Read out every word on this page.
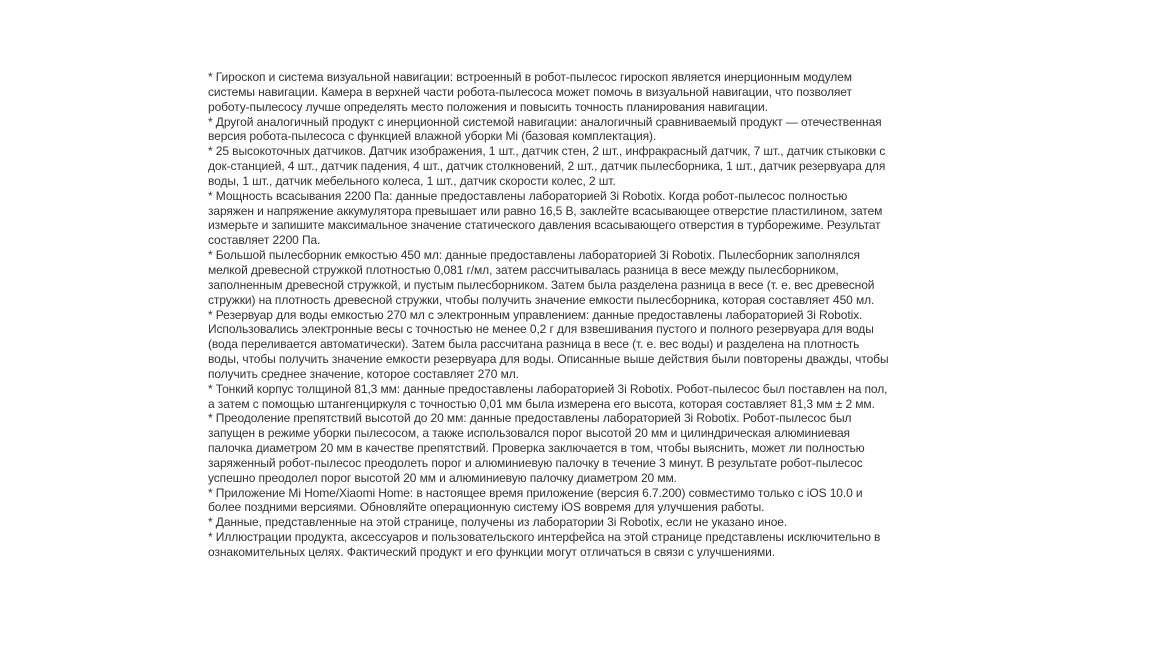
* Гироскоп и система визуальной навигации: встроенный в робот-пылесос гироскоп является инерционным модулем
системы навигации. Камера в верхней части робота-пылесоса может помочь в визуальной навигации, что позволяет
роботу-пылесосу лучше определять место положения и повысить точность планирования навигации.
* Другой аналогичный продукт с инерционной системой навигации: аналогичный сравниваемый продукт — отечественная
версия робота-пылесоса с функцией влажной уборки Mi (базовая комплектация).
* 25 высокоточных датчиков. Датчик изображения, 1 шт., датчик стен, 2 шт., инфракрасный датчик, 7 шт., датчик стыковки с
док-станцией, 4 шт., датчик падения, 4 шт., датчик столкновений, 2 шт., датчик пылесборника, 1 шт., датчик резервуара для
воды, 1 шт., датчик мебельного колеса, 1 шт., датчик скорости колес, 2 шт.
* Мощность всасывания 2200 Па: данные предоставлены лабораторией 3i Robotix. Когда робот-пылесос полностью
заряжен и напряжение аккумулятора превышает или равно 16,5 В, заклейте всасывающее отверстие пластилином, затем
измерьте и запишите максимальное значение статического давления всасывающего отверстия в турборежиме. Результат
составляет 2200 Па.
* Большой пылесборник емкостью 450 мл: данные предоставлены лабораторией 3i Robotix. Пылесборник заполнялся
мелкой древесной стружкой плотностью 0,081 г/мл, затем рассчитывалась разница в весе между пылесборником,
заполненным древесной стружкой, и пустым пылесборником. Затем была разделена разница в весе (т. е. вес древесной
стружки) на плотность древесной стружки, чтобы получить значение емкости пылесборника, которая составляет 450 мл.
* Резервуар для воды емкостью 270 мл с электронным управлением: данные предоставлены лабораторией 3i Robotix.
Использовались электронные весы с точностью не менее 0,2 г для взвешивания пустого и полного резервуара для воды
(вода переливается автоматически). Затем была рассчитана разница в весе (т. е. вес воды) и разделена на плотность
воды, чтобы получить значение емкости резервуара для воды. Описанные выше действия были повторены дважды, чтобы
получить среднее значение, которое составляет 270 мл.
* Тонкий корпус толщиной 81,3 мм: данные предоставлены лабораторией 3i Robotix. Робот-пылесос был поставлен на пол,
а затем с помощью штангенциркуля с точностью 0,01 мм была измерена его высота, которая составляет 81,3 мм ± 2 мм.
* Преодоление препятствий высотой до 20 мм: данные предоставлены лабораторией 3i Robotix. Робот-пылесос был
запущен в режиме уборки пылесосом, а также использовался порог высотой 20 мм и цилиндрическая алюминиевая
палочка диаметром 20 мм в качестве препятствий. Проверка заключается в том, чтобы выяснить, может ли полностью
заряженный робот-пылесос преодолеть порог и алюминиевую палочку в течение 3 минут. В результате робот-пылесос
успешно преодолел порог высотой 20 мм и алюминиевую палочку диаметром 20 мм.
* Приложение Mi Home/Xiaomi Home: в настоящее время приложение (версия 6.7.200) совместимо только с iOS 10.0 и
более поздними версиями. Обновляйте операционную систему iOS вовремя для улучшения работы.
* Данные, представленные на этой странице, получены из лаборатории 3i Robotix, если не указано иное.
* Иллюстрации продукта, аксессуаров и пользовательского интерфейса на этой странице представлены исключительно в
ознакомительных целях. Фактический продукт и его функции могут отличаться в связи с улучшениями.
